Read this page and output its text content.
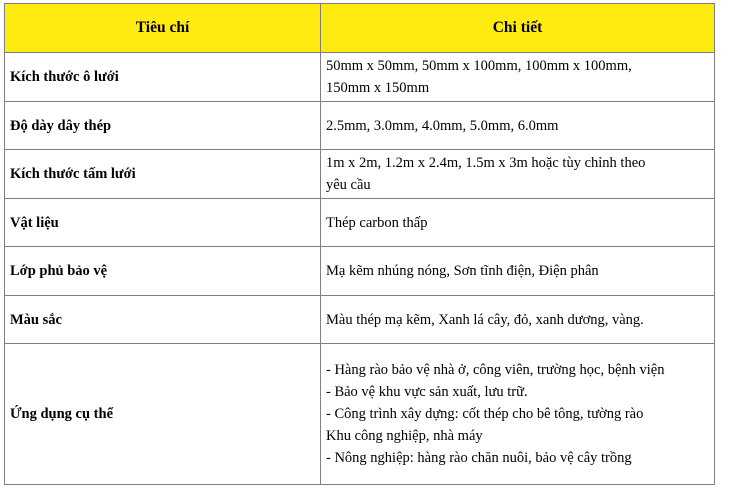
Tiêu chí	Chi tiết
Kích thước ô lưới	50mm x 50mm, 50mm x 100mm, 100mm x 100mm,
150mm x 150mm

Độ dày dây thép	2.5mm, 3.0mm, 4.0mm, 5.0mm, 6.0mm

Kích thước tấm lưới	1m x 2m, 1.2m x 2.4m, 1.5m x 3m hoặc tùy chỉnh theo
yêu cầu

Vật liệu	Thép carbon thấp

Lớp phủ bảo vệ	Mạ kẽm nhúng nóng, Sơn tĩnh điện, Điện phân

Màu sắc	Màu thép mạ kẽm, Xanh lá cây, đỏ, xanh dương, vàng.

Ứng dụng cụ thể	- Hàng rào bảo vệ nhà ở, công viên, trường học, bệnh viện
- Bảo vệ khu vực sản xuất, lưu trữ.
- Công trình xây dựng: cốt thép cho bê tông, tường rào
Khu công nghiệp, nhà máy
- Nông nghiệp: hàng rào chăn nuôi, bảo vệ cây trồng
